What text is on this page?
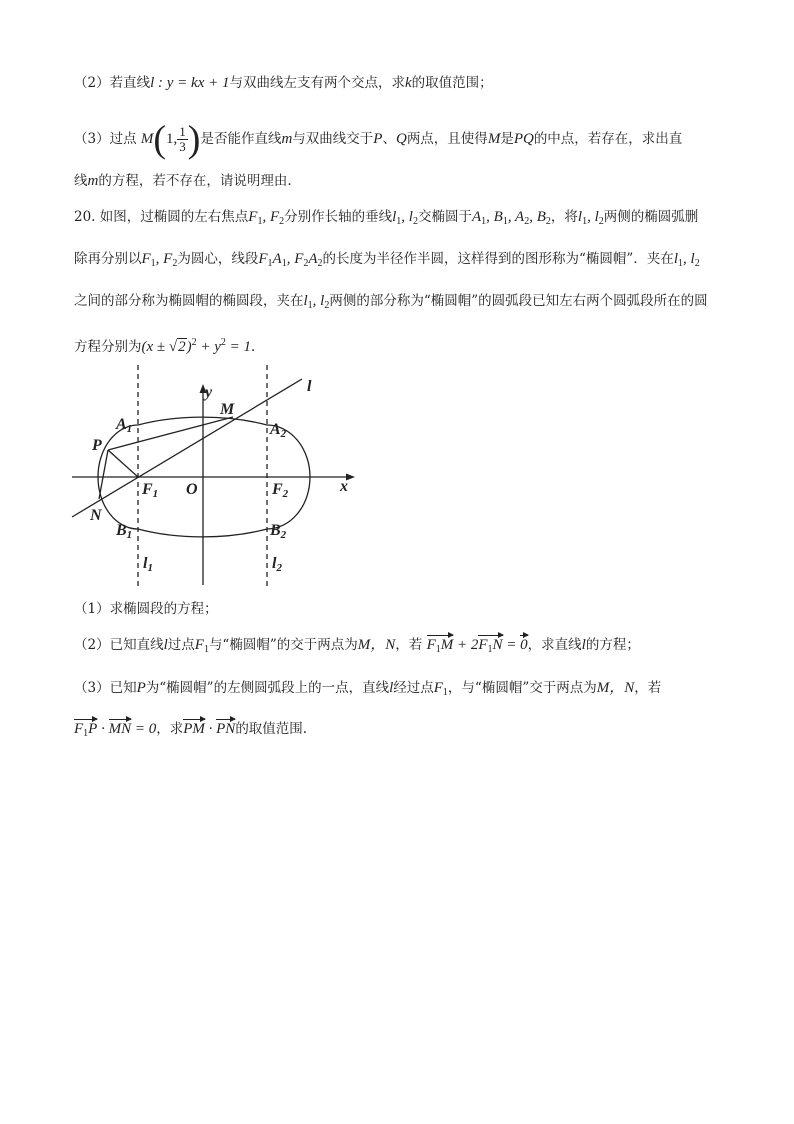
（2）若直线l : y = kx + 1与双曲线左支有两个交点，求k的取值范围；
（3）过点 M(1, $\frac{1}{3}$ )是否能作直线m与双曲线交于P、Q两点，且使得M是PQ的中点，若存在，求出直
线m的方程，若不存在，请说明理由.
20. 如图，过椭圆的左右焦点$F_1$, $F_2$分别作长轴的垂线$l_1$, $l_2$交椭圆于$A_1$, $B_1$, $A_2$, $B_2$，将$l_1$, $l_2$两侧的椭圆弧删
除再分别以$F_1$, $F_2$为圆心，线段$F_1A_1$, $F_2A_2$的长度为半径作半圆，这样得到的图形称为“椭圆帽”．夹在$l_1$, $l_2$
之间的部分称为椭圆帽的椭圆段，夹在$l_1$, $l_2$两侧的部分称为“椭圆帽”的圆弧段已知左右两个圆弧段所在的圆
方程分别为$(x \pm √2)^2 + y^2 = 1$．
y
x
O
l
M
P
N
A1	A2
B1	B2
F1	F2
l1	l2
（1）求椭圆段的方程；
（2）已知直线l过点$F_1$与“椭圆帽”的交于两点为M，N，若 $F_1M + 2F_1N = 0$，求直线l的方程；
（3）已知P为“椭圆帽”的左侧圆弧段上的一点，直线l经过点$F_1$，与“椭圆帽”交于两点为M，N，若
$F_1P$ · MN = 0，求PM · PN的取值范围.
